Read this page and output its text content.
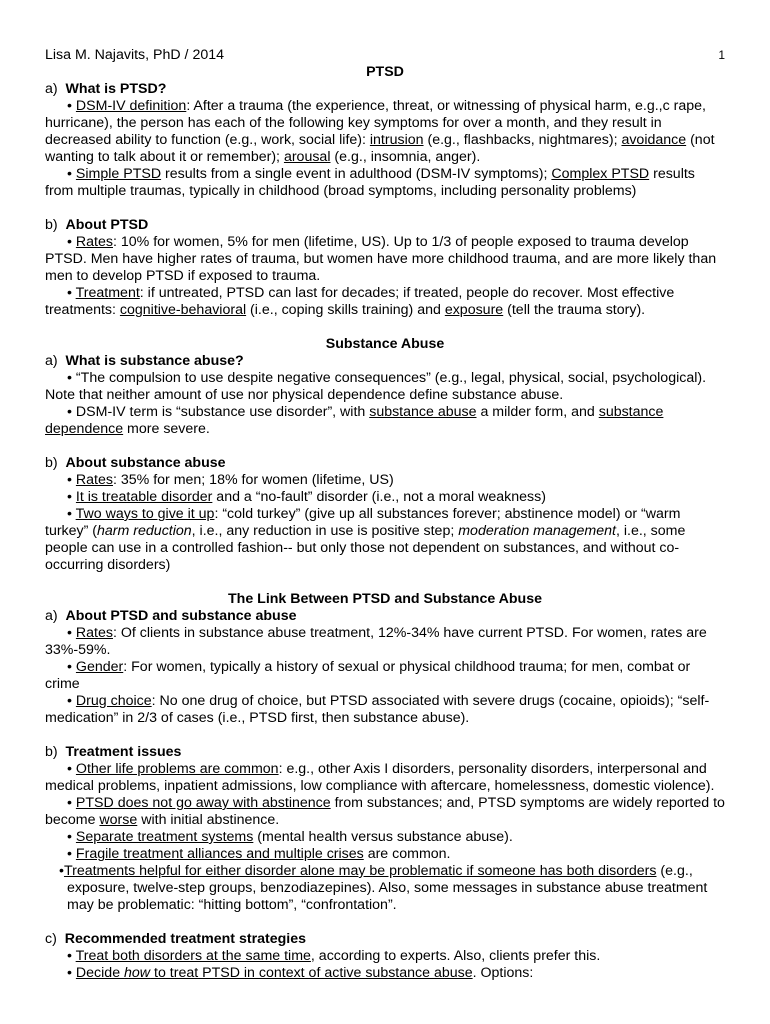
1

Lisa M. Najavits, PhD / 2014

PTSD

a) What is PTSD?

• DSM-IV definition: After a trauma (the experience, threat, or witnessing of physical harm, e.g.,c rape, hurricane), the person has each of the following key symptoms for over a month, and they result in decreased ability to function (e.g., work, social life): intrusion (e.g., flashbacks, nightmares); avoidance (not wanting to talk about it or remember); arousal (e.g., insomnia, anger).

• Simple PTSD results from a single event in adulthood (DSM-IV symptoms); Complex PTSD results from multiple traumas, typically in childhood (broad symptoms, including personality problems)

b) About PTSD

• Rates: 10% for women, 5% for men (lifetime, US). Up to 1/3 of people exposed to trauma develop PTSD. Men have higher rates of trauma, but women have more childhood trauma, and are more likely than men to develop PTSD if exposed to trauma.

• Treatment: if untreated, PTSD can last for decades; if treated, people do recover. Most effective treatments: cognitive-behavioral (i.e., coping skills training) and exposure (tell the trauma story).

Substance Abuse

a) What is substance abuse?

• “The compulsion to use despite negative consequences” (e.g., legal, physical, social, psychological). Note that neither amount of use nor physical dependence define substance abuse.

• DSM-IV term is “substance use disorder”, with substance abuse a milder form, and substance dependence more severe.

b) About substance abuse

• Rates: 35% for men; 18% for women (lifetime, US)

• It is treatable disorder and a “no-fault” disorder (i.e., not a moral weakness)

• Two ways to give it up: “cold turkey” (give up all substances forever; abstinence model) or “warm turkey” (harm reduction, i.e., any reduction in use is positive step; moderation management, i.e., some people can use in a controlled fashion-- but only those not dependent on substances, and without co-occurring disorders)

The Link Between PTSD and Substance Abuse

a) About PTSD and substance abuse

• Rates: Of clients in substance abuse treatment, 12%-34% have current PTSD. For women, rates are 33%-59%.

• Gender: For women, typically a history of sexual or physical childhood trauma; for men, combat or crime

• Drug choice: No one drug of choice, but PTSD associated with severe drugs (cocaine, opioids); “self-medication” in 2/3 of cases (i.e., PTSD first, then substance abuse).

b) Treatment issues

• Other life problems are common: e.g., other Axis I disorders, personality disorders, interpersonal and medical problems, inpatient admissions, low compliance with aftercare, homelessness, domestic violence).

• PTSD does not go away with abstinence from substances; and, PTSD symptoms are widely reported to become worse with initial abstinence.

• Separate treatment systems (mental health versus substance abuse).

• Fragile treatment alliances and multiple crises are common.

•Treatments helpful for either disorder alone may be problematic if someone has both disorders (e.g., exposure, twelve-step groups, benzodiazepines). Also, some messages in substance abuse treatment may be problematic: “hitting bottom”, “confrontation”.

c) Recommended treatment strategies

• Treat both disorders at the same time, according to experts. Also, clients prefer this.

• Decide how to treat PTSD in context of active substance abuse. Options:
